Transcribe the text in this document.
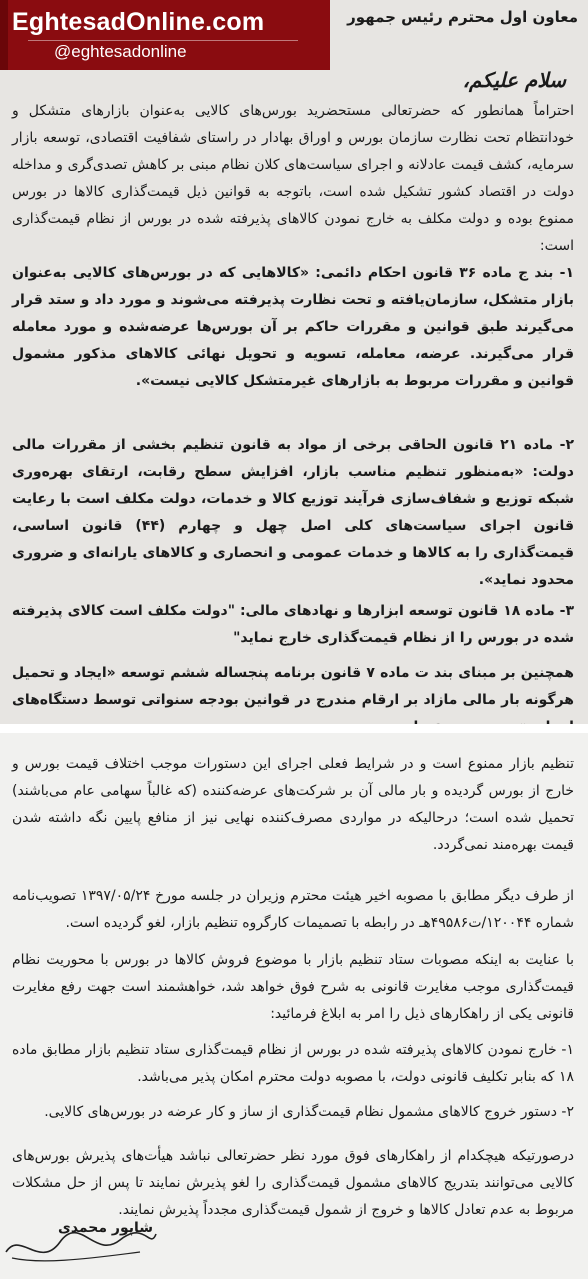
معاون اول محترم رئیس جمهور
سلام علیکم،

احتراماً همانطور که حضرتعالی مستحضرید بورس‌های کالایی به‌عنوان بازارهای متشکل و خودانتظام تحت نظارت سازمان بورس و اوراق بهادار در راستای شفافیت اقتصادی، توسعه بازار سرمایه، کشف قیمت عادلانه و اجرای سیاست‌های کلان نظام مبنی بر کاهش تصدی‌گری و مداخله دولت در اقتصاد کشور تشکیل شده است، باتوجه به قوانین ذیل قیمت‌گذاری کالاها در بورس ممنوع بوده و دولت مکلف به خارج نمودن کالاهای پذیرفته شده در بورس از نظام قیمت‌گذاری است:

۱- بند ج ماده ۳۶ قانون احکام دائمی: «کالاهایی که در بورس‌های کالایی به‌عنوان بازار متشکل، سازمان‌یافته و تحت نظارت پذیرفته می‌شوند و مورد داد و ستد قرار می‌گیرند طبق قوانین و مقررات حاکم بر آن بورس‌ها عرضه‌شده و مورد معامله قرار می‌گیرند. عرضه، معامله، تسویه و تحویل نهائی کالاهای مذکور مشمول قوانین و مقررات مربوط به بازارهای غیرمتشکل کالایی نیست».

۲- ماده ۲۱ قانون الحاقی برخی از مواد به قانون تنظیم بخشی از مقررات مالی دولت: «به‌منظور تنظیم مناسب بازار، افزایش سطح رقابت، ارتقای بهره‌وری شبکه توزیع و شفاف‌سازی فرآیند توزیع کالا و خدمات، دولت مکلف است با رعایت قانون اجرای سیاست‌های کلی اصل چهل و چهارم (۴۴) قانون اساسی، قیمت‌گذاری را به کالاها و خدمات عمومی و انحصاری و کالاهای یارانه‌ای و ضروری محدود نماید».

۳- ماده ۱۸ قانون توسعه ابزارها و نهادهای مالی: "دولت مکلف است کالای پذیرفته شده در بورس را از نظام قیمت‌گذاری خارج نماید"

همچنین بر مبنای بند ت ماده ۷ قانون برنامه پنجساله ششم توسعه «ایجاد و تحمیل هرگونه بار مالی مازاد بر ارقام مندرج در قوانین بودجه سنواتی توسط دستگاه‌های

EghtesadOnline.com
@eghtesadonline

تنظیم بازار ممنوع است و در شرایط فعلی اجرای این دستورات موجب اختلاف قیمت بورس و خارج از بورس گردیده و بار مالی آن بر شرکت‌های عرضه‌کننده (که غالباً سهامی عام می‌باشند) تحمیل شده است؛ درحالیکه در مواردی مصرف‌کننده نهایی نیز از منافع پایین نگه داشته شدن قیمت بهره‌مند نمی‌گردد.

از طرف دیگر مطابق با مصوبه اخیر هیئت محترم وزیران در جلسه مورخ ۱۳۹۷/۰۵/۲۴ تصویب‌نامه شماره ۱۲۰۰۴۴/ت۴۹۵۸۶هـ در رابطه با تصمیمات کارگروه تنظیم بازار، لغو گردیده است.

با عنایت به اینکه مصوبات ستاد تنظیم بازار با موضوع فروش کالاها در بورس با محوریت نظام قیمت‌گذاری موجب مغایرت قانونی به شرح فوق خواهد شد، خواهشمند است جهت رفع مغایرت قانونی یکی از راهکارهای ذیل را امر به ابلاغ فرمائید:

۱- خارج نمودن کالاهای پذیرفته شده در بورس از نظام قیمت‌گذاری ستاد تنظیم بازار مطابق ماده ۱۸ که بنابر تکلیف قانونی دولت، با مصوبه دولت محترم امکان پذیر می‌باشد.

۲- دستور خروج کالاهای مشمول نظام قیمت‌گذاری از ساز و کار عرضه در بورس‌های کالایی.

درصورتیکه هیچکدام از راهکارهای فوق مورد نظر حضرتعالی نباشد هیأت‌های پذیرش بورس‌های کالایی می‌توانند بتدریج کالاهای مشمول قیمت‌گذاری را لغو پذیرش نمایند تا پس از حل مشکلات مربوط به عدم تعادل کالاها و خروج از شمول قیمت‌گذاری مجدداً پذیرش نمایند.

شاپور محمدی
